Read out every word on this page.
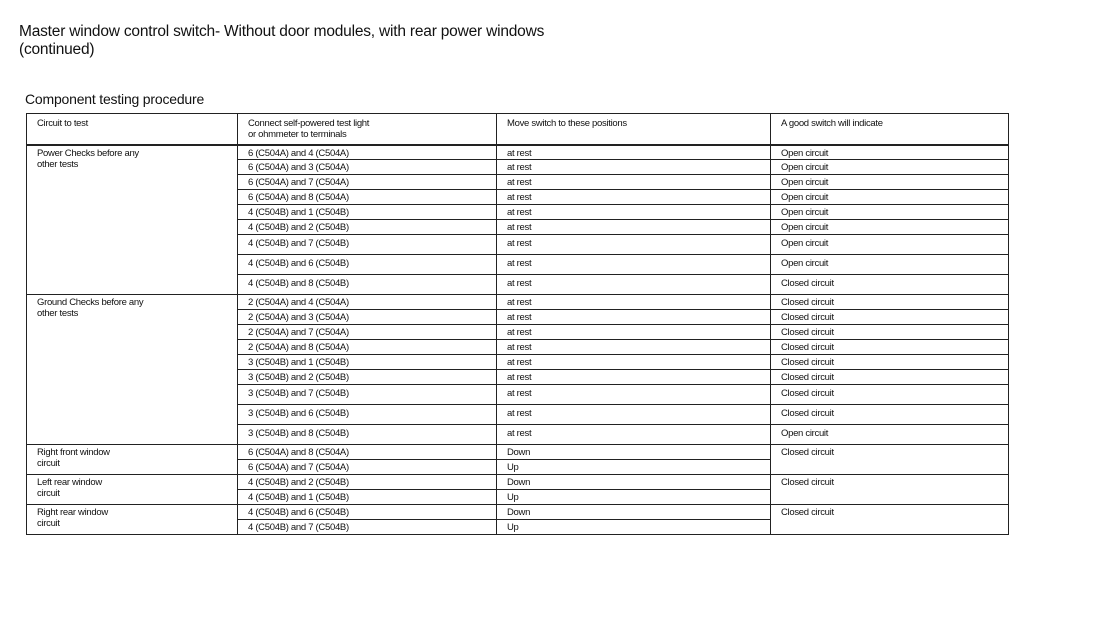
Master window control switch- Without door modules, with rear power windows
(continued)
Component testing procedure
Circuit to test	Connect self-powered test light
or ohmmeter to terminals	Move switch to these positions	A good switch will indicate

Power Checks before any
other tests	6 (C504A) and 4 (C504A)	at rest	Open circuit
	6 (C504A) and 3 (C504A)	at rest	Open circuit
	6 (C504A) and 7 (C504A)	at rest	Open circuit
	6 (C504A) and 8 (C504A)	at rest	Open circuit
	4 (C504B) and 1 (C504B)	at rest	Open circuit
	4 (C504B) and 2 (C504B)	at rest	Open circuit
	4 (C504B) and 7 (C504B)	at rest	Open circuit
	4 (C504B) and 6 (C504B)	at rest	Open circuit
	4 (C504B) and 8 (C504B)	at rest	Closed circuit

Ground Checks before any
other tests	2 (C504A) and 4 (C504A)	at rest	Closed circuit
	2 (C504A) and 3 (C504A)	at rest	Closed circuit
	2 (C504A) and 7 (C504A)	at rest	Closed circuit
	2 (C504A) and 8 (C504A)	at rest	Closed circuit
	3 (C504B) and 1 (C504B)	at rest	Closed circuit
	3 (C504B) and 2 (C504B)	at rest	Closed circuit
	3 (C504B) and 7 (C504B)	at rest	Closed circuit
	3 (C504B) and 6 (C504B)	at rest	Closed circuit
	3 (C504B) and 8 (C504B)	at rest	Open circuit

Right front window
circuit	6 (C504A) and 8 (C504A)	Down	Closed circuit

	6 (C504A) and 7 (C504A)	Up	

Left rear window
circuit	4 (C504B) and 2 (C504B)	Down	Closed circuit

	4 (C504B) and 1 (C504B)	Up	

Right rear window
circuit	4 (C504B) and 6 (C504B)	Down	Closed circuit

	4 (C504B) and 7 (C504B)	Up	
